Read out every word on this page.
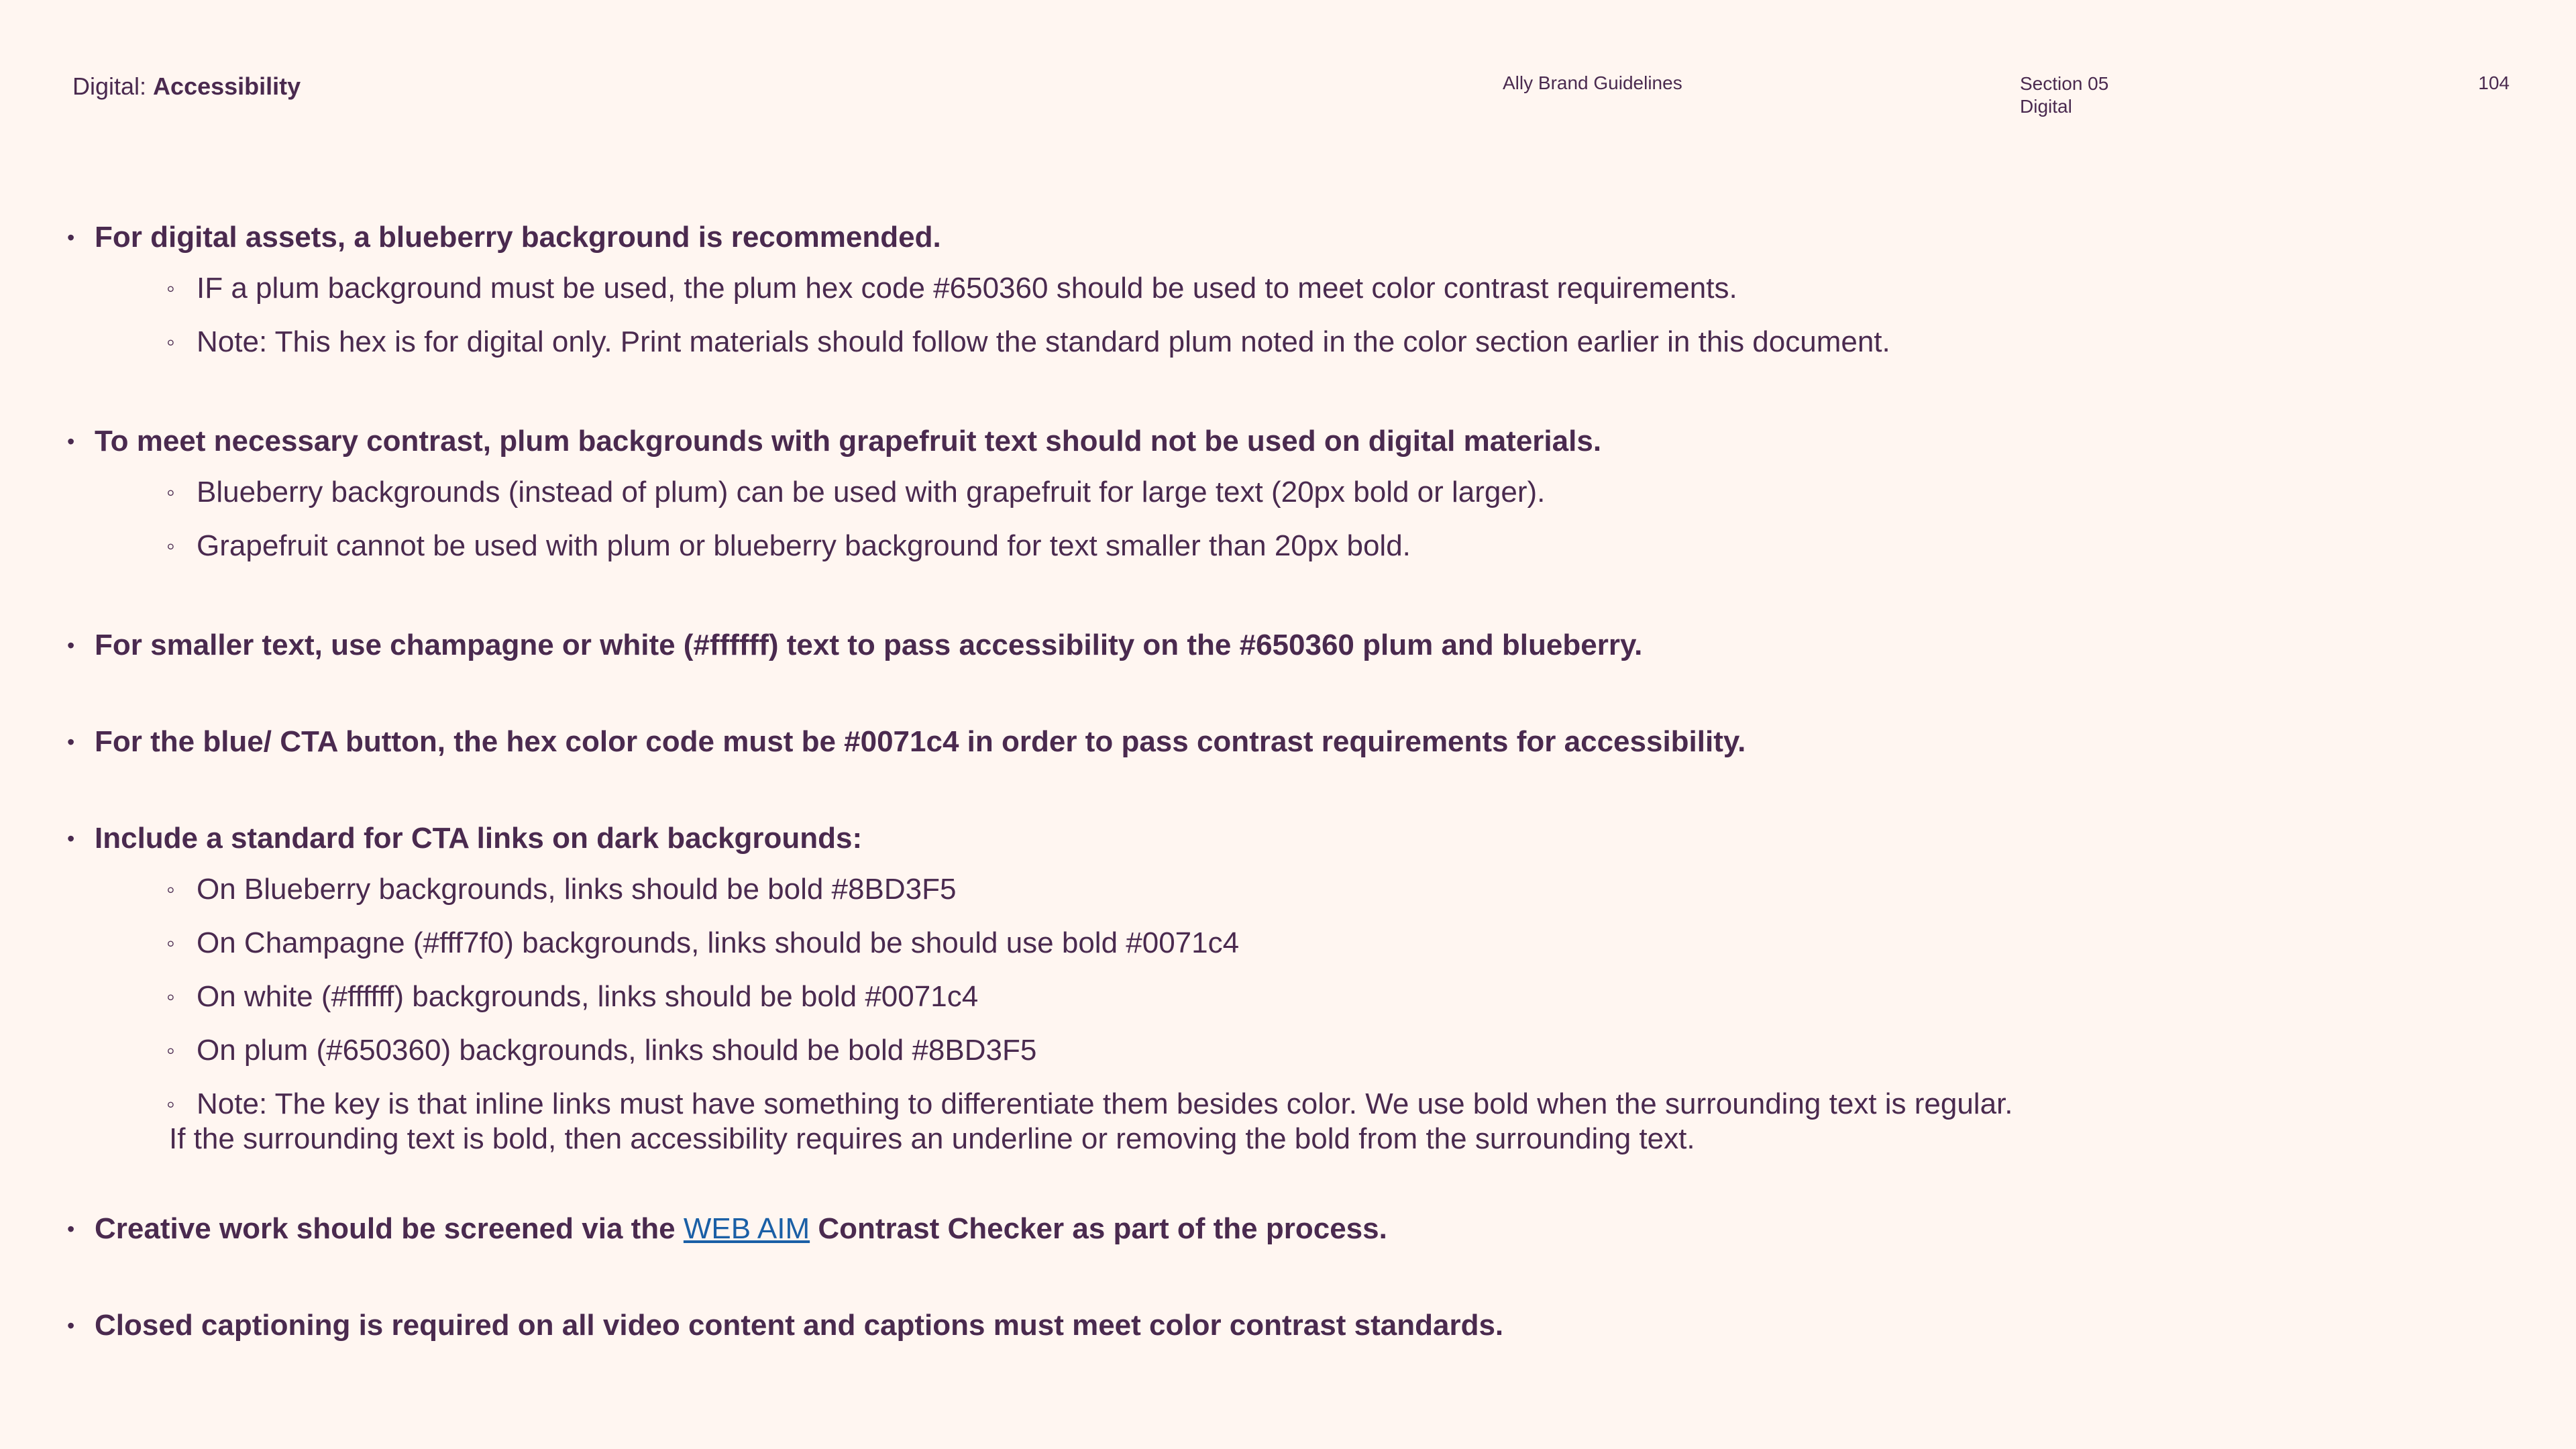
Digital: Accessibility	Ally Brand Guidelines	Section 05
Digital
104
• For digital assets, a blueberry background is recommended.
◦ IF a plum background must be used, the plum hex code #650360 should be used to meet color contrast requirements.
◦ Note: This hex is for digital only. Print materials should follow the standard plum noted in the color section earlier in this document.
• To meet necessary contrast, plum backgrounds with grapefruit text should not be used on digital materials.
◦ Blueberry backgrounds (instead of plum) can be used with grapefruit for large text (20px bold or larger).
◦ Grapefruit cannot be used with plum or blueberry background for text smaller than 20px bold.
• For smaller text, use champagne or white (#ffffff) text to pass accessibility on the #650360 plum and blueberry.
• For the blue/ CTA button, the hex color code must be #0071c4 in order to pass contrast requirements for accessibility.
• Include a standard for CTA links on dark backgrounds:
◦ On Blueberry backgrounds, links should be bold #8BD3F5
◦ On Champagne (#fff7f0) backgrounds, links should be should use bold #0071c4
◦ On white (#ffffff) backgrounds, links should be bold #0071c4
◦ On plum (#650360) backgrounds, links should be bold #8BD3F5
◦ Note: The key is that inline links must have something to differentiate them besides color. We use bold when the surrounding text is regular.
If the surrounding text is bold, then accessibility requires an underline or removing the bold from the surrounding text.
• Creative work should be screened via the WEB AIM Contrast Checker as part of the process.
• Closed captioning is required on all video content and captions must meet color contrast standards.
